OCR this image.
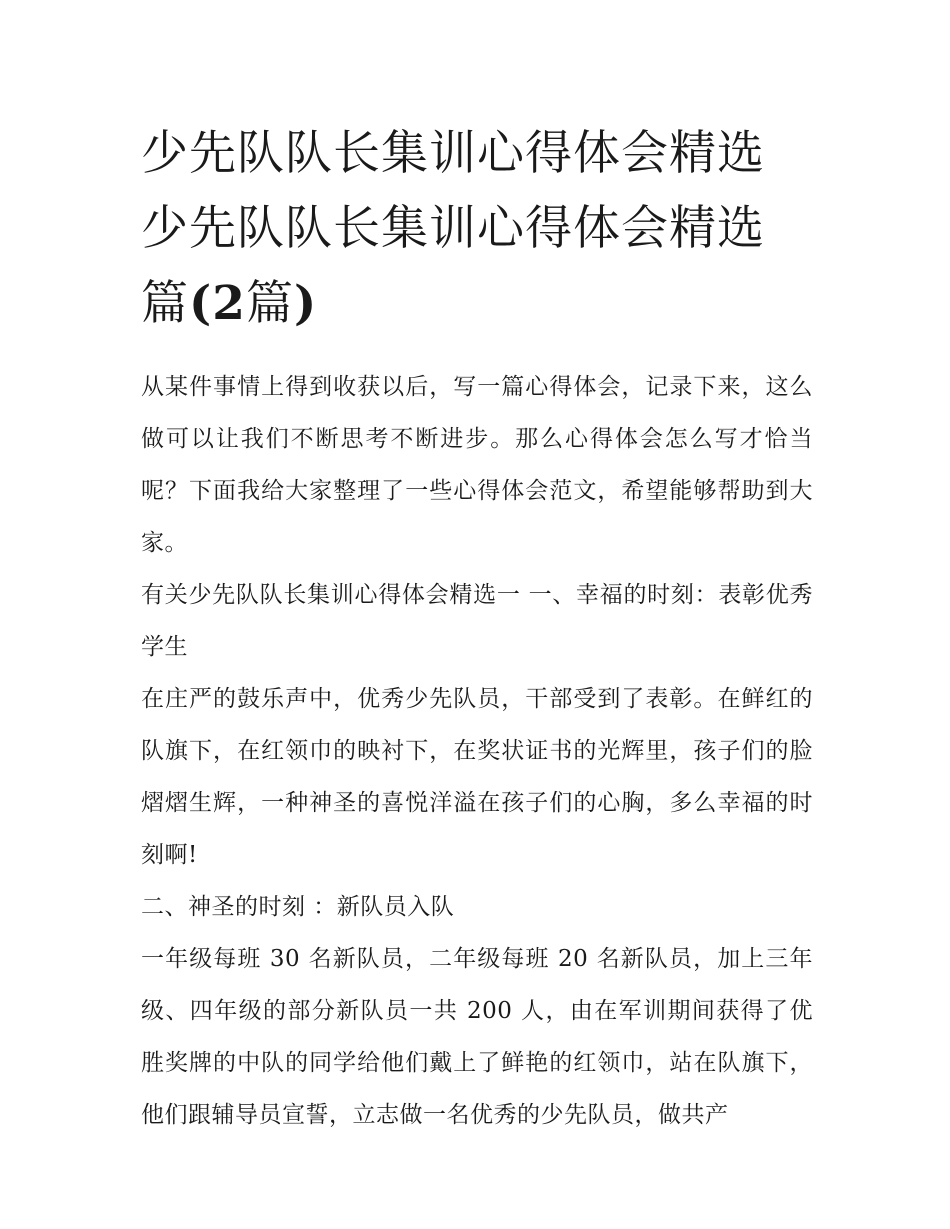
少先队队长集训心得体会精选
少先队队长集训心得体会精选
篇(2篇)

从某件事情上得到收获以后，写一篇心得体会，记录下来，这么做可以让我们不断思考不断进步。那么心得体会怎么写才恰当呢？下面我给大家整理了一些心得体会范文，希望能够帮助到大家。

有关少先队队长集训心得体会精选一 一、幸福的时刻：表彰优秀学生

在庄严的鼓乐声中，优秀少先队员，干部受到了表彰。在鲜红的队旗下，在红领巾的映衬下，在奖状证书的光辉里，孩子们的脸熠熠生辉，一种神圣的喜悦洋溢在孩子们的心胸，多么幸福的时刻啊!

二、神圣的时刻 ：新队员入队

一年级每班 30 名新队员，二年级每班 20 名新队员，加上三年级、四年级的部分新队员一共 200 人，由在军训期间获得了优胜奖牌的中队的同学给他们戴上了鲜艳的红领巾，站在队旗下，他们跟辅导员宣誓，立志做一名优秀的少先队员，做共产
